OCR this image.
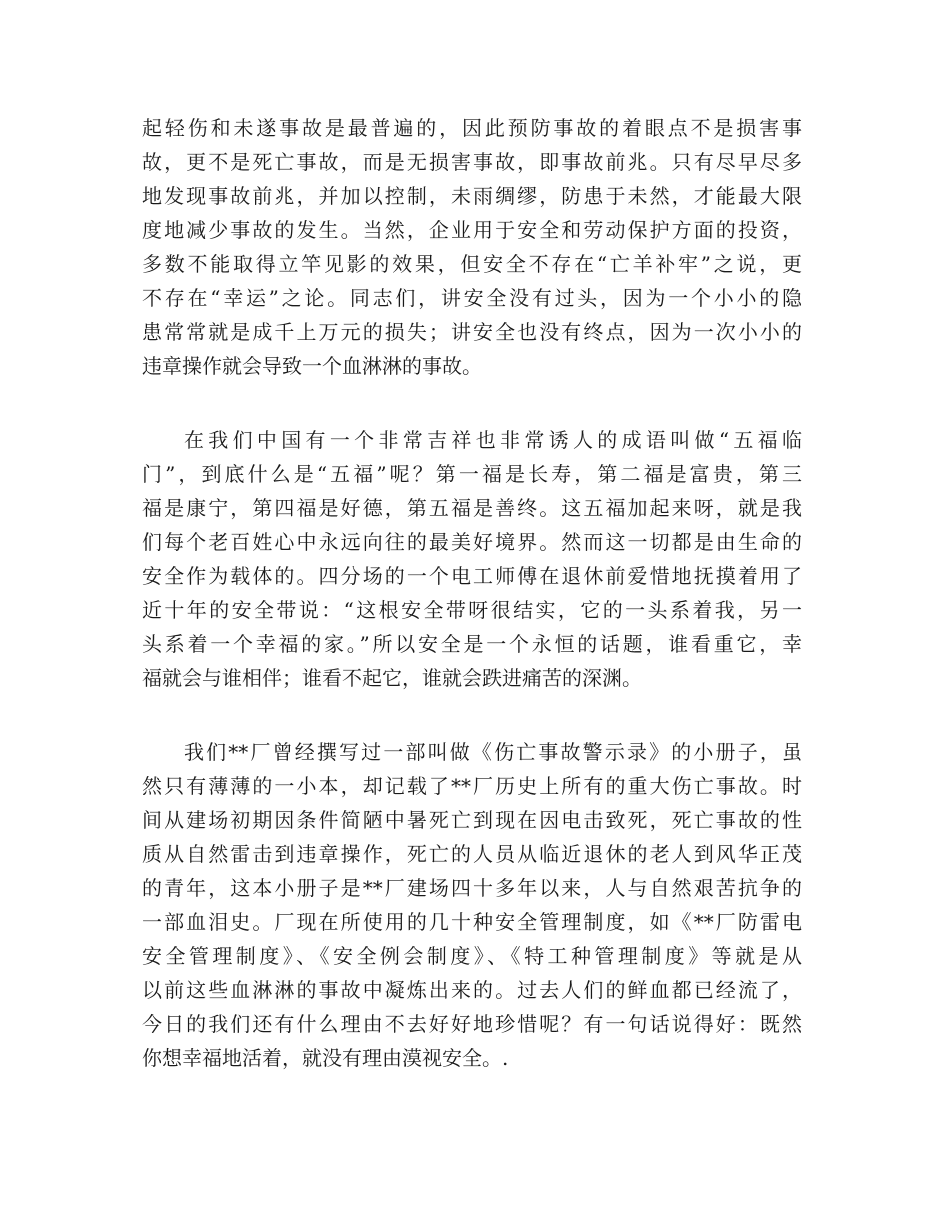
起轻伤和未遂事故是最普遍的，因此预防事故的着眼点不是损害事
故，更不是死亡事故，而是无损害事故，即事故前兆。只有尽早尽多
地发现事故前兆，并加以控制，未雨绸缪，防患于未然，才能最大限
度地减少事故的发生。当然，企业用于安全和劳动保护方面的投资，
多数不能取得立竿见影的效果，但安全不存在“亡羊补牢”之说，更
不存在“幸运”之论。同志们，讲安全没有过头，因为一个小小的隐
患常常就是成千上万元的损失；讲安全也没有终点，因为一次小小的
违章操作就会导致一个血淋淋的事故。
在我们中国有一个非常吉祥也非常诱人的成语叫做“五福临
门”，到底什么是“五福”呢？第一福是长寿，第二福是富贵，第三
福是康宁，第四福是好德，第五福是善终。这五福加起来呀，就是我
们每个老百姓心中永远向往的最美好境界。然而这一切都是由生命的
安全作为载体的。四分场的一个电工师傅在退休前爱惜地抚摸着用了
近十年的安全带说：“这根安全带呀很结实，它的一头系着我，另一
头系着一个幸福的家。”所以安全是一个永恒的话题，谁看重它，幸
福就会与谁相伴；谁看不起它，谁就会跌进痛苦的深渊。
我们**厂曾经撰写过一部叫做《伤亡事故警示录》的小册子，虽
然只有薄薄的一小本，却记载了**厂历史上所有的重大伤亡事故。时
间从建场初期因条件简陋中暑死亡到现在因电击致死，死亡事故的性
质从自然雷击到违章操作，死亡的人员从临近退休的老人到风华正茂
的青年，这本小册子是**厂建场四十多年以来，人与自然艰苦抗争的
一部血泪史。厂现在所使用的几十种安全管理制度，如《**厂防雷电
安全管理制度》、《安全例会制度》、《特工种管理制度》等就是从
以前这些血淋淋的事故中凝炼出来的。过去人们的鲜血都已经流了，
今日的我们还有什么理由不去好好地珍惜呢？有一句话说得好：既然
你想幸福地活着，就没有理由漠视安全。.
